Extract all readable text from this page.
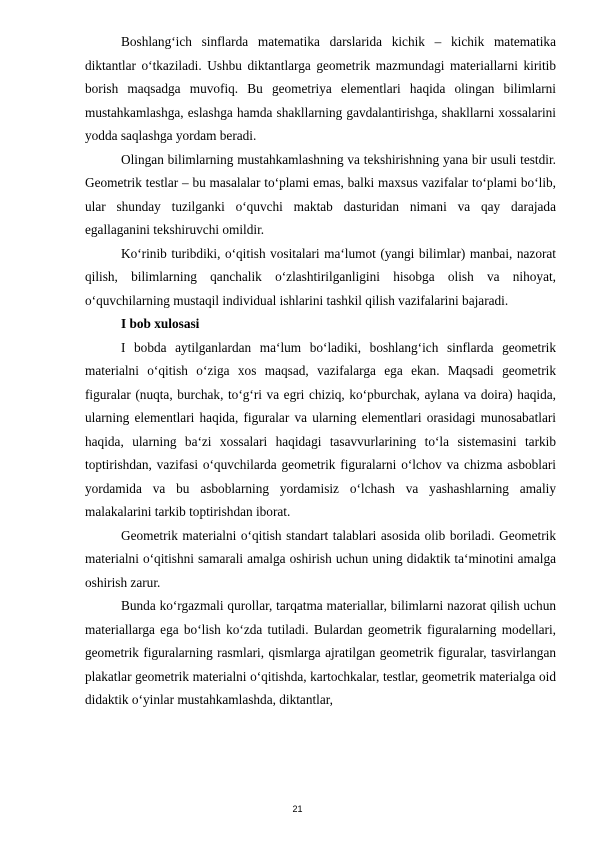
Boshlang‘ich sinflarda matematika darslarida kichik – kichik matematika diktantlar o‘tkaziladi. Ushbu diktantlarga geometrik mazmundagi materiallarni kiritib borish maqsadga muvofiq. Bu geometriya elementlari haqida olingan bilimlarni mustahkamlashga, eslashga hamda shakllarning gavdalantirishga, shakllarni xossalarini yodda saqlashga yordam beradi.

Olingan bilimlarning mustahkamlashning va tekshirishning yana bir usuli testdir. Geometrik testlar – bu masalalar to‘plami emas, balki maxsus vazifalar to‘plami bo‘lib, ular shunday tuzilganki o‘quvchi maktab dasturidan nimani va qay darajada egallaganini tekshiruvchi omildir.

Ko‘rinib turibdiki, o‘qitish vositalari ma‘lumot (yangi bilimlar) manbai, nazorat qilish, bilimlarning qanchalik o‘zlashtirilganligini hisobga olish va nihoyat, o‘quvchilarning mustaqil individual ishlarini tashkil qilish vazifalarini bajaradi.

I bob xulosasi

I bobda aytilganlardan ma‘lum bo‘ladiki, boshlang‘ich sinflarda geometrik materialni o‘qitish o‘ziga xos maqsad, vazifalarga ega ekan. Maqsadi geometrik figuralar (nuqta, burchak, to‘g‘ri va egri chiziq, ko‘pburchak, aylana va doira) haqida, ularning elementlari haqida, figuralar va ularning elementlari orasidagi munosabatlari haqida, ularning ba‘zi xossalari haqidagi tasavvurlarining to‘la sistemasini tarkib toptirishdan, vazifasi o‘quvchilarda geometrik figuralarni o‘lchov va chizma asboblari yordamida va bu asboblarning yordamisiz o‘lchash va yashashlarning amaliy malakalarini tarkib toptirishdan iborat.

Geometrik materialni o‘qitish standart talablari asosida olib boriladi. Geometrik materialni o‘qitishni samarali amalga oshirish uchun uning didaktik ta‘minotini amalga oshirish zarur.

Bunda ko‘rgazmali qurollar, tarqatma materiallar, bilimlarni nazorat qilish uchun materiallarga ega bo‘lish ko‘zda tutiladi. Bulardan geometrik figuralarning modellari, geometrik figuralarning rasmlari, qismlarga ajratilgan geometrik figuralar, tasvirlangan plakatlar geometrik materialni o‘qitishda, kartochkalar, testlar, geometrik materialga oid didaktik o‘yinlar mustahkamlashda, diktantlar,

21
